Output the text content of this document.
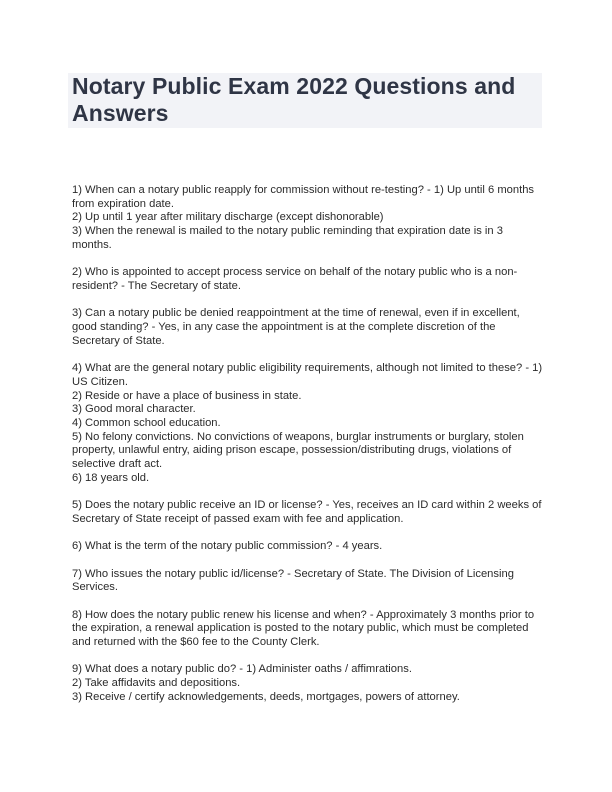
Notary Public Exam 2022 Questions and Answers
1) When can a notary public reapply for commission without re-testing? - 1) Up until 6 months from expiration date.
2) Up until 1 year after military discharge (except dishonorable)
3) When the renewal is mailed to the notary public reminding that expiration date is in 3 months.
2) Who is appointed to accept process service on behalf of the notary public who is a non-resident? - The Secretary of state.
3) Can a notary public be denied reappointment at the time of renewal, even if in excellent, good standing? - Yes, in any case the appointment is at the complete discretion of the Secretary of State.
4) What are the general notary public eligibility requirements, although not limited to these? - 1) US Citizen.
2) Reside or have a place of business in state.
3) Good moral character.
4) Common school education.
5) No felony convictions. No convictions of weapons, burglar instruments or burglary, stolen property, unlawful entry, aiding prison escape, possession/distributing drugs, violations of selective draft act.
6) 18 years old.
5) Does the notary public receive an ID or license? - Yes, receives an ID card within 2 weeks of Secretary of State receipt of passed exam with fee and application.
6) What is the term of the notary public commission? - 4 years.
7) Who issues the notary public id/license? - Secretary of State. The Division of Licensing Services.
8) How does the notary public renew his license and when? - Approximately 3 months prior to the expiration, a renewal application is posted to the notary public, which must be completed and returned with the $60 fee to the County Clerk.
9) What does a notary public do? - 1) Administer oaths / affimrations.
2) Take affidavits and depositions.
3) Receive / certify acknowledgements, deeds, mortgages, powers of attorney.
